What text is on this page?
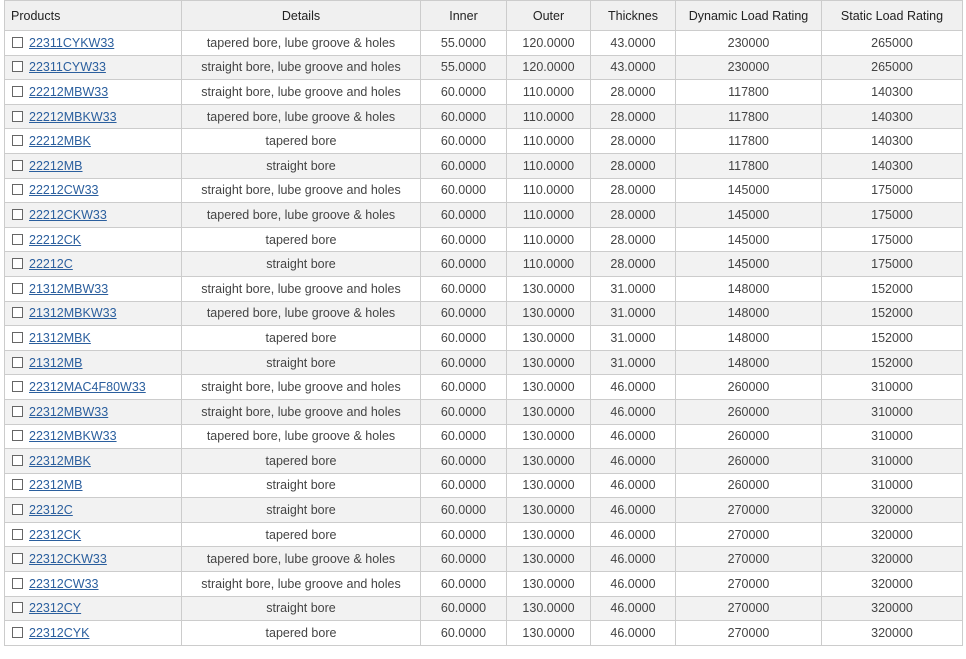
Products	Details	Inner	Outer	Thicknes	Dynamic Load Rating	Static Load Rating
22311CYKW33	tapered bore, lube groove & holes	55.0000	120.0000	43.0000	230000	265000
22311CYW33	straight bore, lube groove and holes	55.0000	120.0000	43.0000	230000	265000
22212MBW33	straight bore, lube groove and holes	60.0000	110.0000	28.0000	117800	140300
22212MBKW33	tapered bore, lube groove & holes	60.0000	110.0000	28.0000	117800	140300
22212MBK	tapered bore	60.0000	110.0000	28.0000	117800	140300
22212MB	straight bore	60.0000	110.0000	28.0000	117800	140300
22212CW33	straight bore, lube groove and holes	60.0000	110.0000	28.0000	145000	175000
22212CKW33	tapered bore, lube groove & holes	60.0000	110.0000	28.0000	145000	175000
22212CK	tapered bore	60.0000	110.0000	28.0000	145000	175000
22212C	straight bore	60.0000	110.0000	28.0000	145000	175000
21312MBW33	straight bore, lube groove and holes	60.0000	130.0000	31.0000	148000	152000
21312MBKW33	tapered bore, lube groove & holes	60.0000	130.0000	31.0000	148000	152000
21312MBK	tapered bore	60.0000	130.0000	31.0000	148000	152000
21312MB	straight bore	60.0000	130.0000	31.0000	148000	152000
22312MAC4F80W33	straight bore, lube groove and holes	60.0000	130.0000	46.0000	260000	310000
22312MBW33	straight bore, lube groove and holes	60.0000	130.0000	46.0000	260000	310000
22312MBKW33	tapered bore, lube groove & holes	60.0000	130.0000	46.0000	260000	310000
22312MBK	tapered bore	60.0000	130.0000	46.0000	260000	310000
22312MB	straight bore	60.0000	130.0000	46.0000	260000	310000
22312C	straight bore	60.0000	130.0000	46.0000	270000	320000
22312CK	tapered bore	60.0000	130.0000	46.0000	270000	320000
22312CKW33	tapered bore, lube groove & holes	60.0000	130.0000	46.0000	270000	320000
22312CW33	straight bore, lube groove and holes	60.0000	130.0000	46.0000	270000	320000
22312CY	straight bore	60.0000	130.0000	46.0000	270000	320000
22312CYK	tapered bore	60.0000	130.0000	46.0000	270000	320000
